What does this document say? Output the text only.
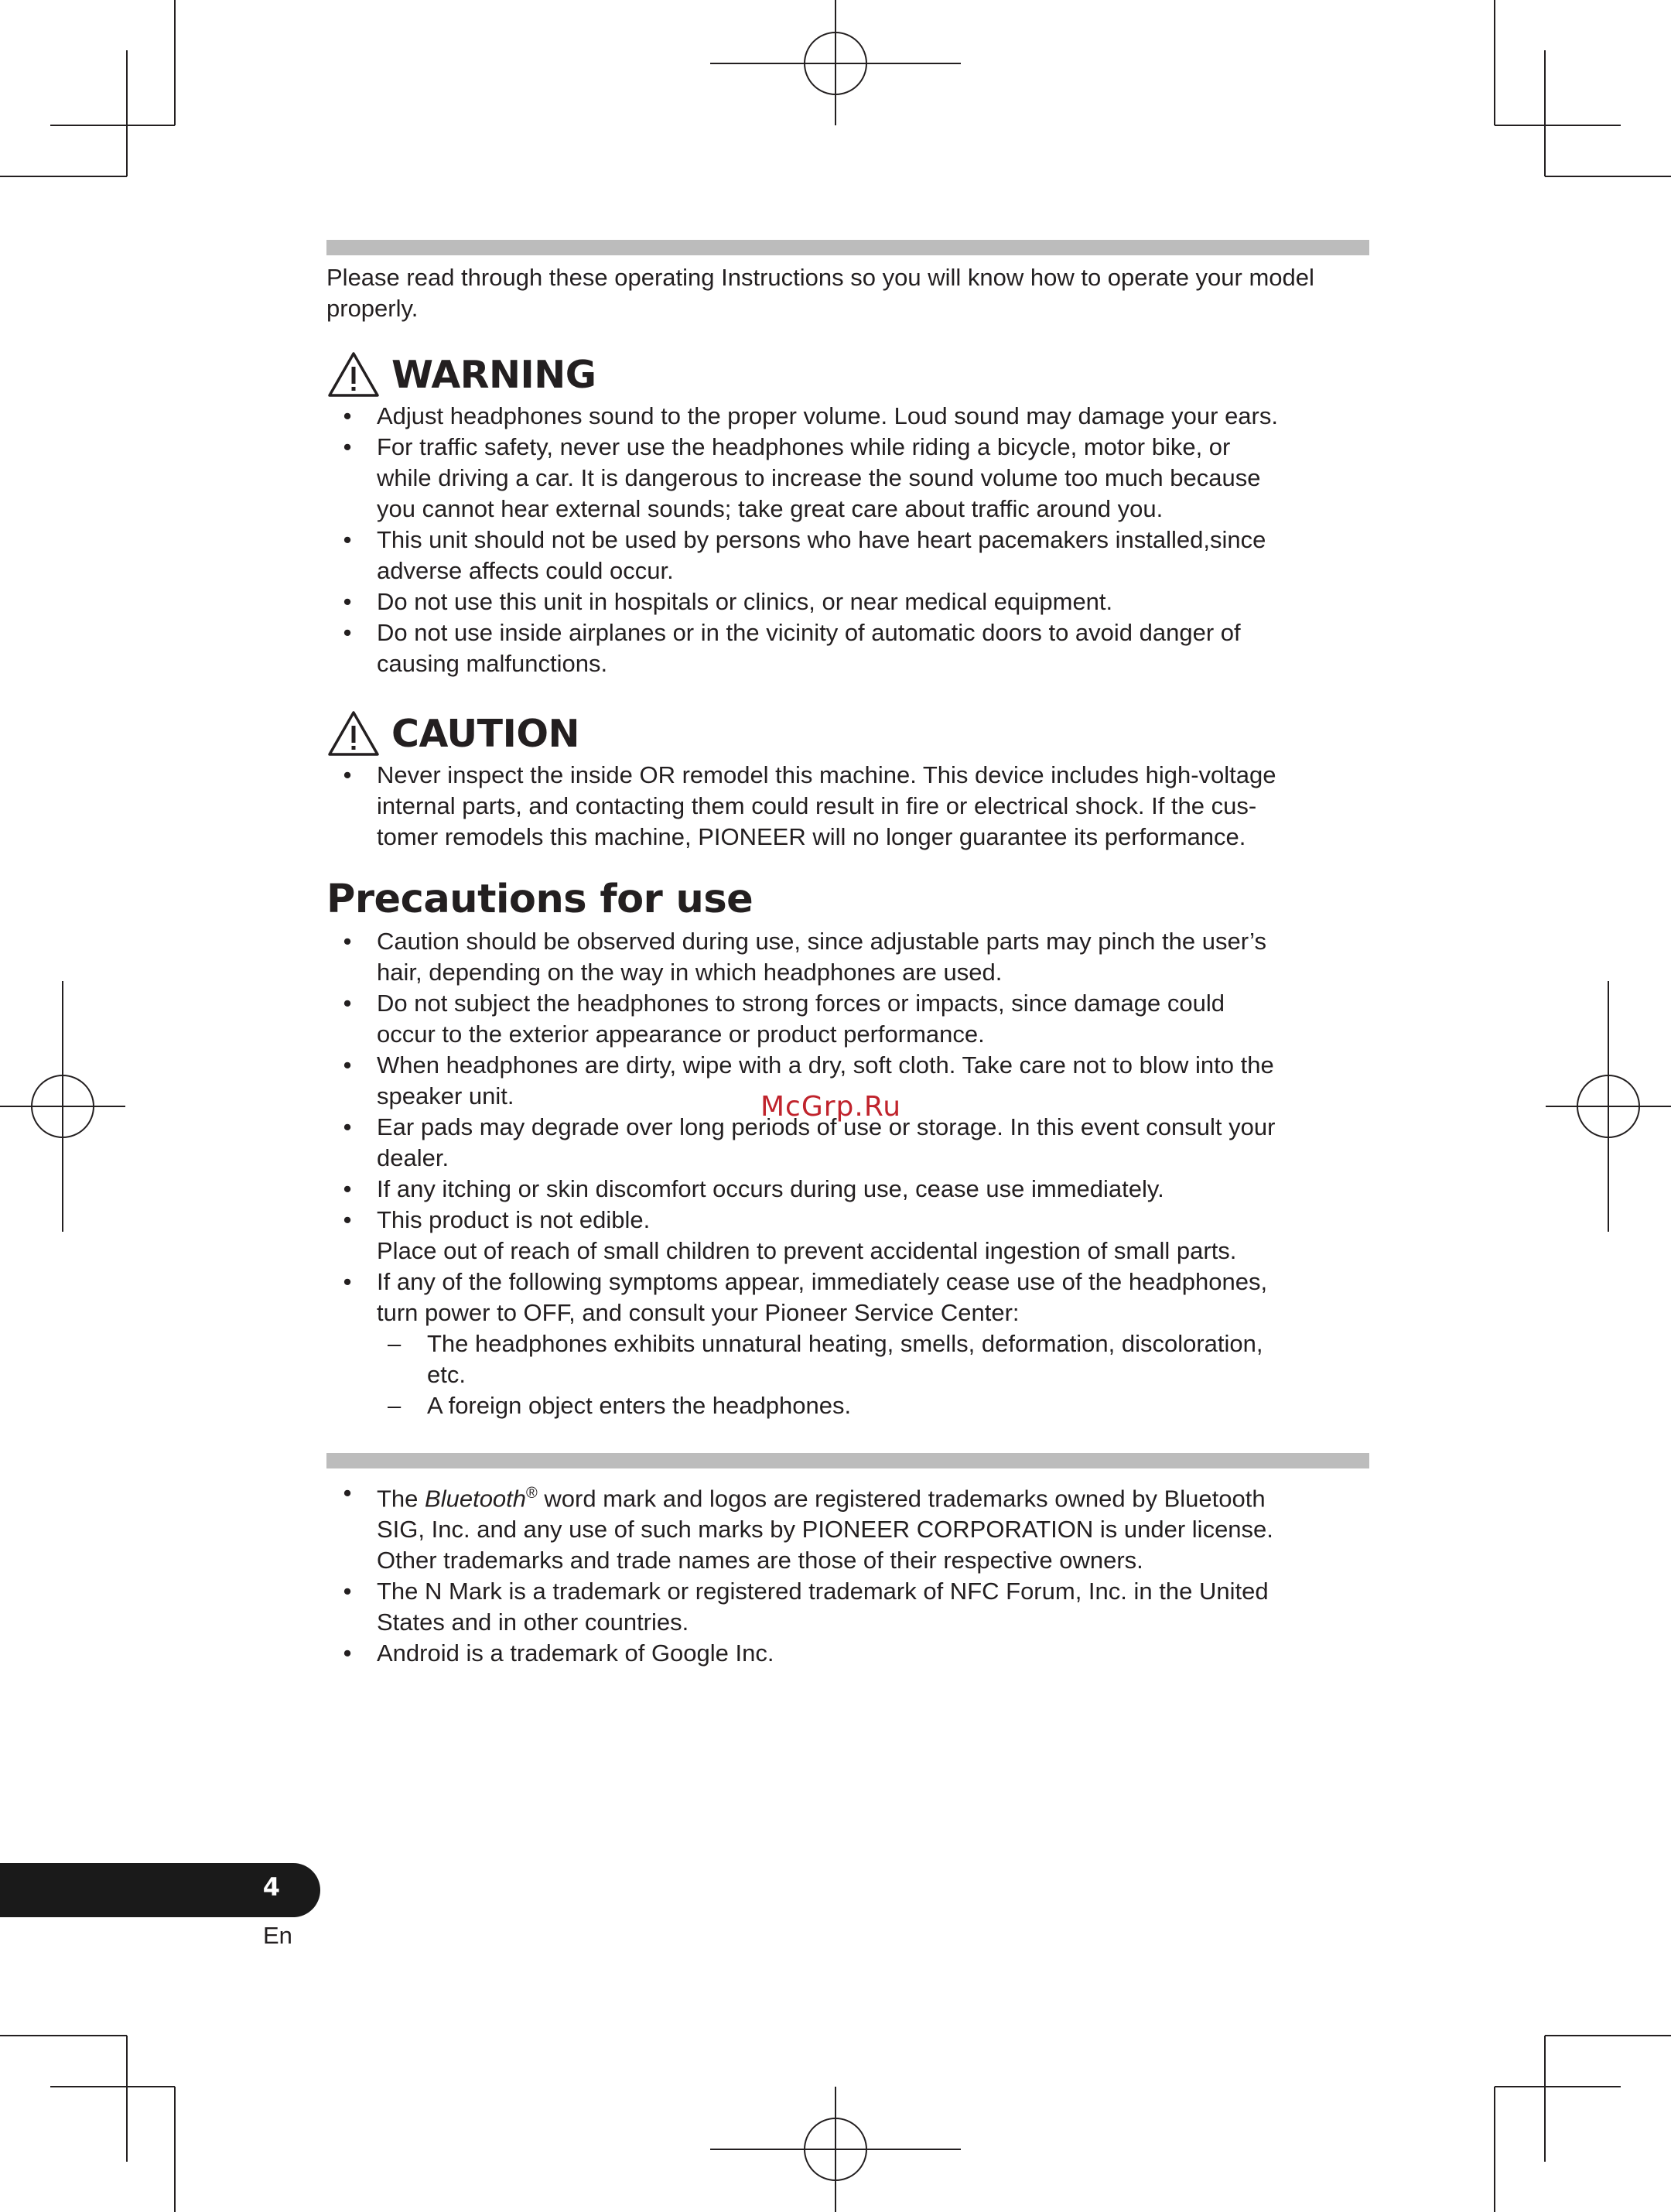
Please read through these operating Instructions so you will know how to operate your model properly.

WARNING
• Adjust headphones sound to the proper volume. Loud sound may damage your ears.
• For traffic safety, never use the headphones while riding a bicycle, motor bike, or
while driving a car. It is dangerous to increase the sound volume too much because
you cannot hear external sounds; take great care about traffic around you.
• This unit should not be used by persons who have heart pacemakers installed,since
adverse affects could occur.
• Do not use this unit in hospitals or clinics, or near medical equipment.
• Do not use inside airplanes or in the vicinity of automatic doors to avoid danger of
causing malfunctions.
CAUTION
• Never inspect the inside OR remodel this machine. This device includes high-voltage
internal parts, and contacting them could result in fire or electrical shock. If the cus-
tomer remodels this machine, PIONEER will no longer guarantee its performance.
Precautions for use
• Caution should be observed during use, since adjustable parts may pinch the user’s
hair, depending on the way in which headphones are used.
• Do not subject the headphones to strong forces or impacts, since damage could
occur to the exterior appearance or product performance.
• When headphones are dirty, wipe with a dry, soft cloth. Take care not to blow into the
speaker unit.
• Ear pads may degrade over long periods of use or storage. In this event consult your
dealer.
• If any itching or skin discomfort occurs during use, cease use immediately.
• This product is not edible.
Place out of reach of small children to prevent accidental ingestion of small parts.
• If any of the following symptoms appear, immediately cease use of the headphones,
turn power to OFF, and consult your Pioneer Service Center:
– The headphones exhibits unnatural heating, smells, deformation, discoloration,
etc.
– A foreign object enters the headphones.
McGrp.Ru
• The Bluetooth® word mark and logos are registered trademarks owned by Bluetooth
SIG, Inc. and any use of such marks by PIONEER CORPORATION is under license.
Other trademarks and trade names are those of their respective owners.
• The N Mark is a trademark or registered trademark of NFC Forum, Inc. in the United
States and in other countries.
• Android is a trademark of Google Inc.
4
En
